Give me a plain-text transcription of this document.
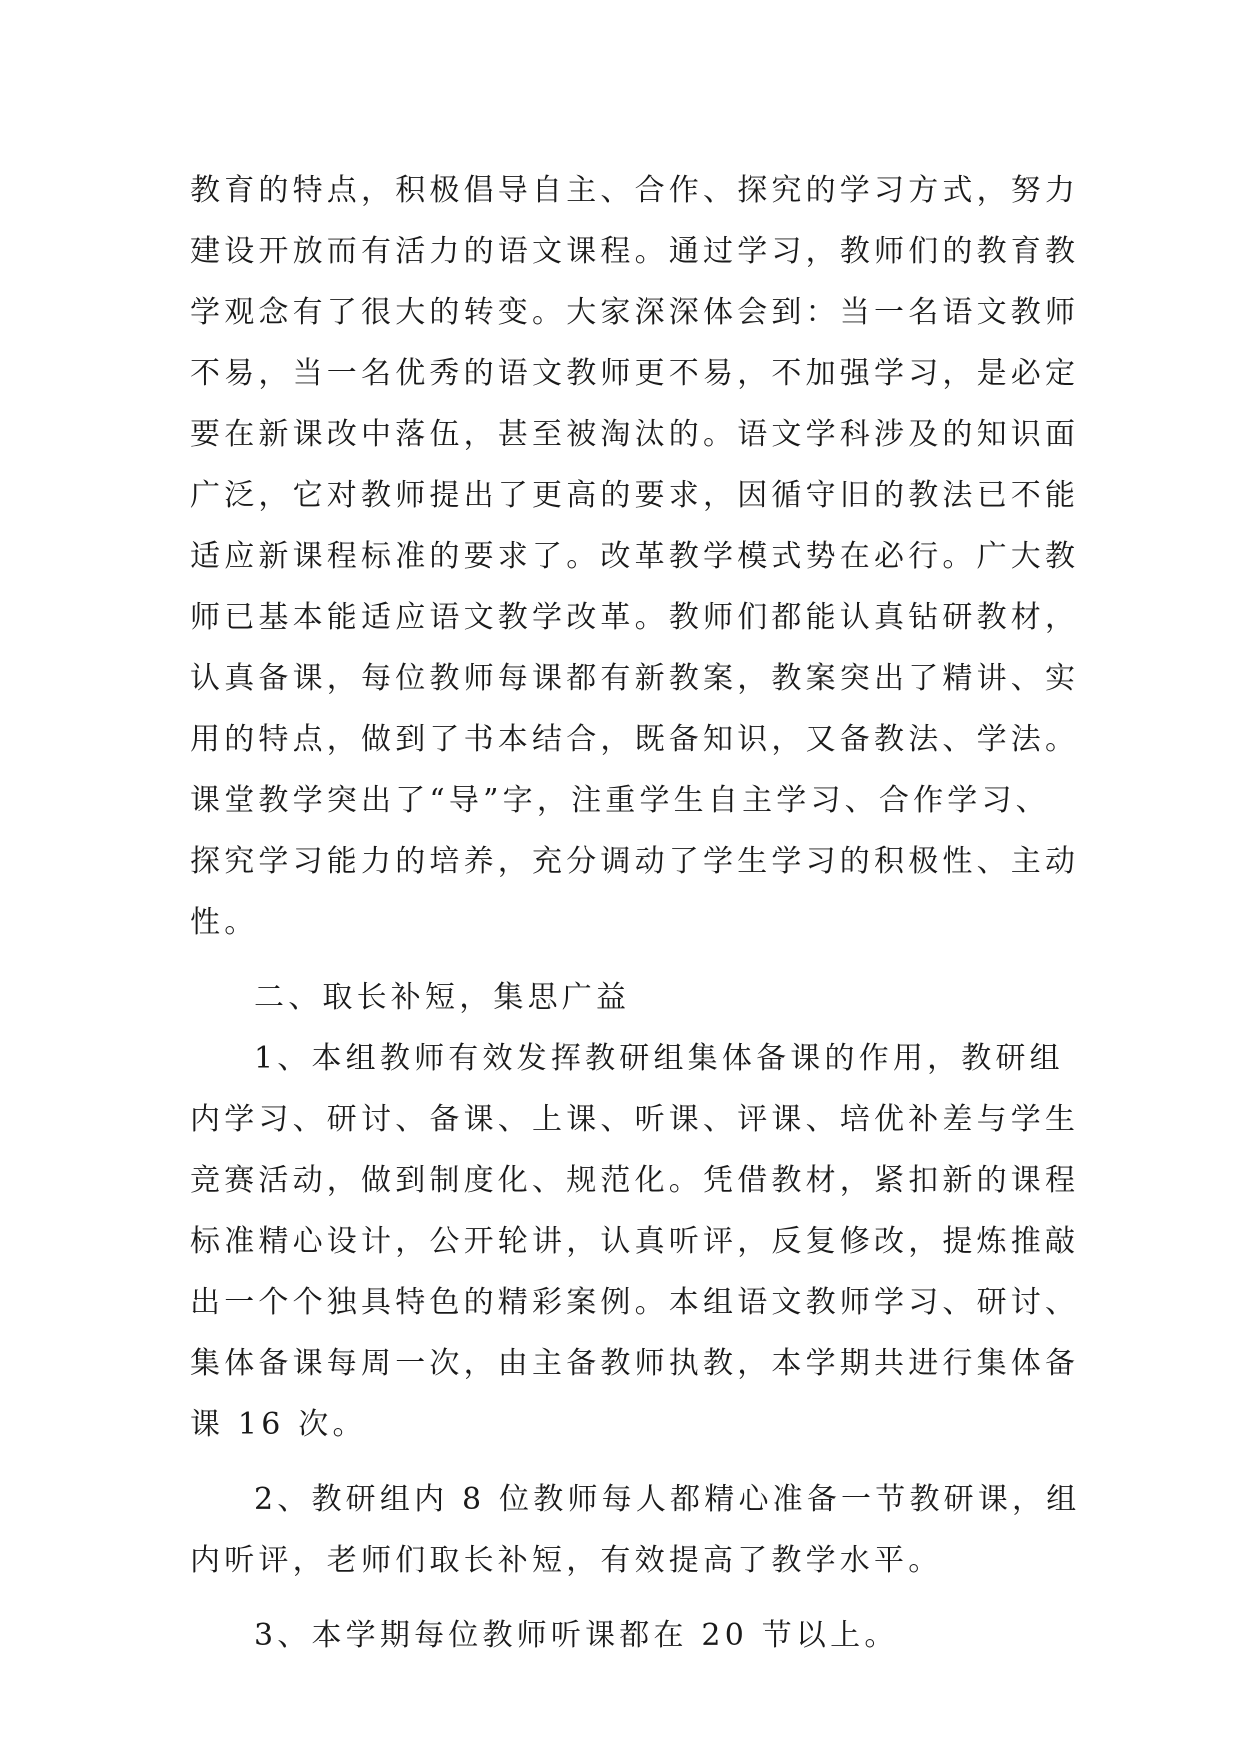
教育的特点，积极倡导自主、合作、探究的学习方式，努力
建设开放而有活力的语文课程。通过学习，教师们的教育教
学观念有了很大的转变。大家深深体会到：当一名语文教师
不易，当一名优秀的语文教师更不易，不加强学习，是必定
要在新课改中落伍，甚至被淘汰的。语文学科涉及的知识面
广泛，它对教师提出了更高的要求，因循守旧的教法已不能
适应新课程标准的要求了。改革教学模式势在必行。广大教
师已基本能适应语文教学改革。教师们都能认真钻研教材，
认真备课，每位教师每课都有新教案，教案突出了精讲、实
用的特点，做到了书本结合，既备知识，又备教法、学法。
课堂教学突出了“导”字，注重学生自主学习、合作学习、
探究学习能力的培养，充分调动了学生学习的积极性、主动
性。
二、取长补短，集思广益
1、本组教师有效发挥教研组集体备课的作用，教研组
内学习、研讨、备课、上课、听课、评课、培优补差与学生
竞赛活动，做到制度化、规范化。凭借教材，紧扣新的课程
标准精心设计，公开轮讲，认真听评，反复修改，提炼推敲
出一个个独具特色的精彩案例。本组语文教师学习、研讨、
集体备课每周一次，由主备教师执教，本学期共进行集体备
课 16 次。
2、教研组内 8 位教师每人都精心准备一节教研课，组
内听评，老师们取长补短，有效提高了教学水平。
3、本学期每位教师听课都在 20 节以上。
